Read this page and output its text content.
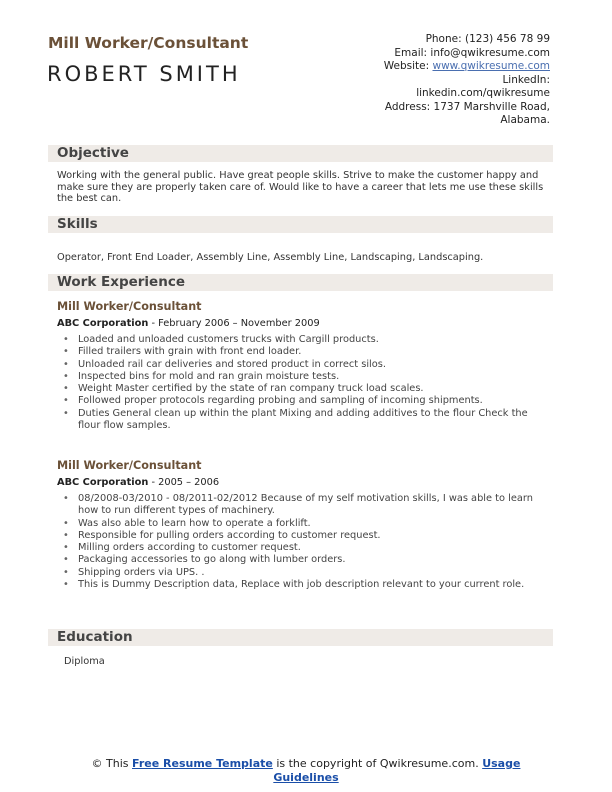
Mill Worker/Consultant
ROBERT SMITH
Phone: (123) 456 78 99
Email: info@qwikresume.com
Website: www.qwikresume.com
LinkedIn:
linkedin.com/qwikresume
Address: 1737 Marshville Road,
Alabama.
Objective
Working with the general public. Have great people skills. Strive to make the customer happy and make sure they are properly taken care of. Would like to have a career that lets me use these skills the best can.
Skills
Operator, Front End Loader, Assembly Line, Assembly Line, Landscaping, Landscaping.
Work Experience
Mill Worker/Consultant
ABC Corporation - February 2006 – November 2009
• Loaded and unloaded customers trucks with Cargill products.
• Filled trailers with grain with front end loader.
• Unloaded rail car deliveries and stored product in correct silos.
• Inspected bins for mold and ran grain moisture tests.
• Weight Master certified by the state of ran company truck load scales.
• Followed proper protocols regarding probing and sampling of incoming shipments.
• Duties General clean up within the plant Mixing and adding additives to the flour Check the flour flow samples.
Mill Worker/Consultant
ABC Corporation - 2005 – 2006
• 08/2008-03/2010 - 08/2011-02/2012 Because of my self motivation skills, I was able to learn how to run different types of machinery.
• Was also able to learn how to operate a forklift.
• Responsible for pulling orders according to customer request.
• Milling orders according to customer request.
• Packaging accessories to go along with lumber orders.
• Shipping orders via UPS. .
• This is Dummy Description data, Replace with job description relevant to your current role.
Education
Diploma
© This Free Resume Template is the copyright of Qwikresume.com. Usage
Guidelines
